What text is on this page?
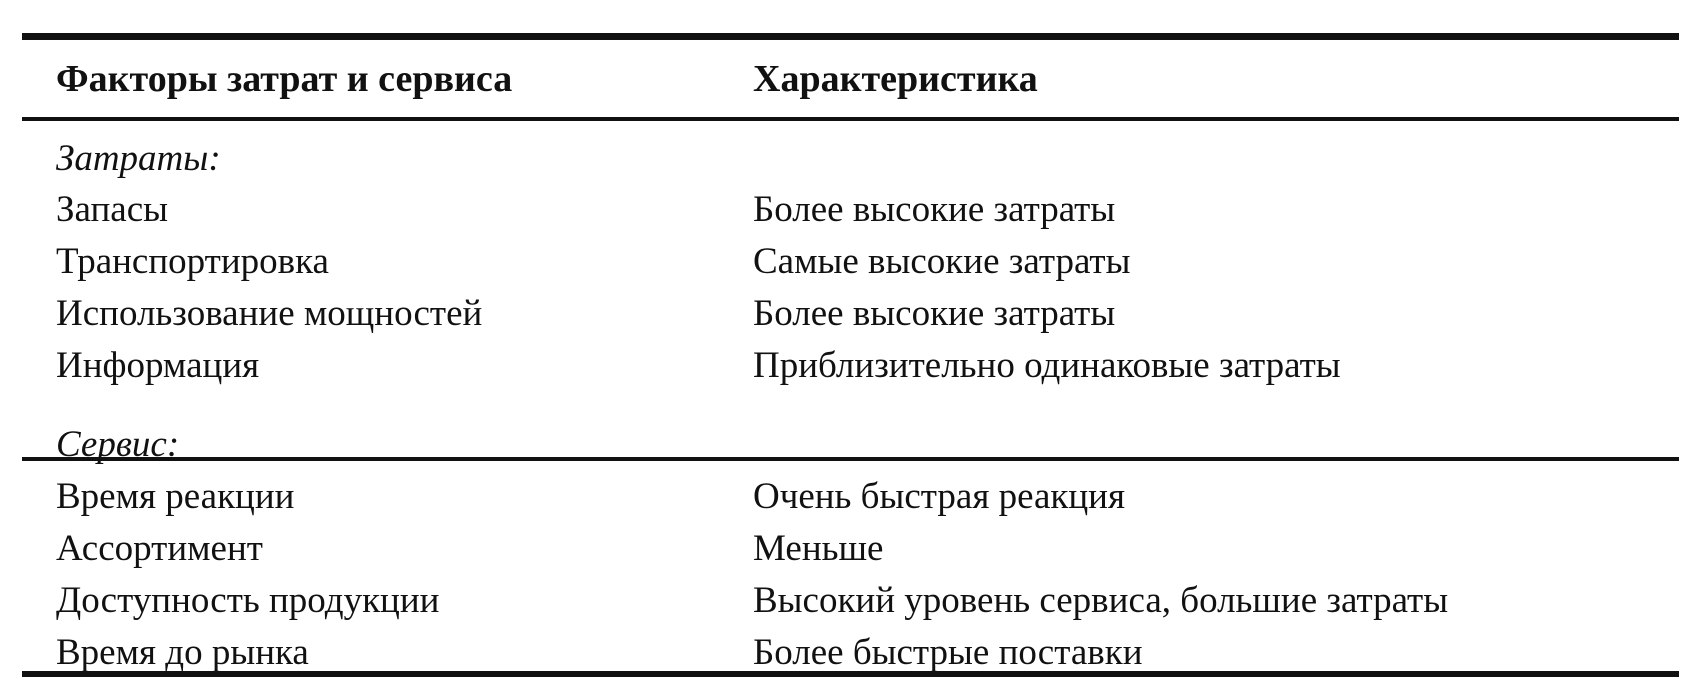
Факторы затрат и сервиса	Характеристика
Затраты:
Запасы	Более высокие затраты
Транспортировка	Самые высокие затраты
Использование мощностей	Более высокие затраты
Информация	Приблизительно одинаковые затраты
Сервис:
Время реакции	Очень быстрая реакция
Ассортимент	Меньше
Доступность продукции	Высокий уровень сервиса, большие затраты
Время до рынка	Более быстрые поставки
